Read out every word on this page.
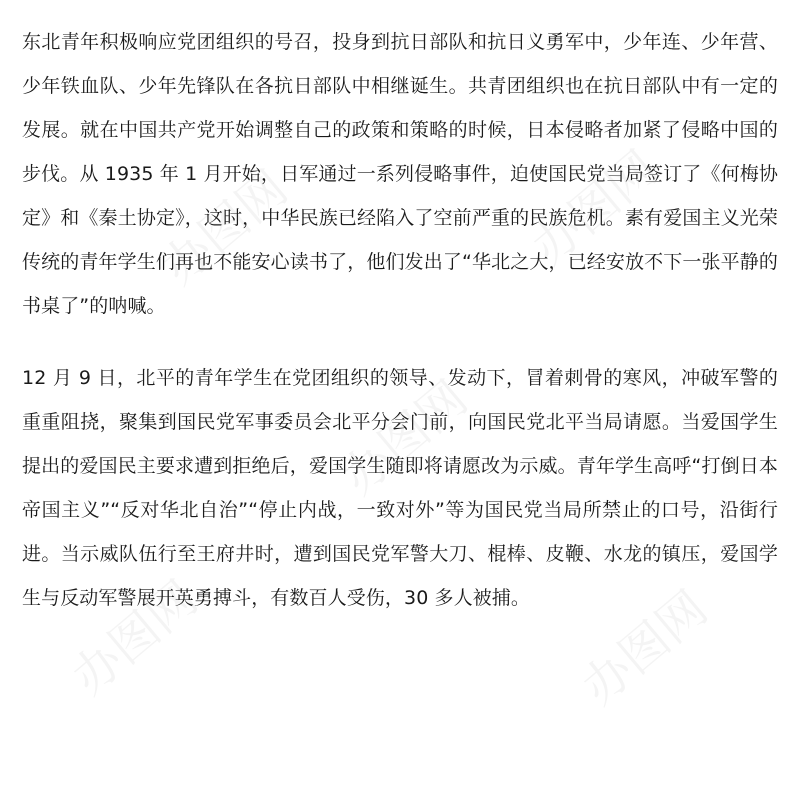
东北青年积极响应党团组织的号召，投身到抗日部队和抗日义勇军中，少年连、少年营、少年铁血队、少年先锋队在各抗日部队中相继诞生。共青团组织也在抗日部队中有一定的发展。就在中国共产党开始调整自己的政策和策略的时候，日本侵略者加紧了侵略中国的步伐。从 1935 年 1 月开始，日军通过一系列侵略事件，迫使国民党当局签订了《何梅协定》和《秦土协定》，这时，中华民族已经陷入了空前严重的民族危机。素有爱国主义光荣传统的青年学生们再也不能安心读书了，他们发出了“华北之大，已经安放不下一张平静的书桌了”的呐喊。

12 月 9 日，北平的青年学生在党团组织的领导、发动下，冒着刺骨的寒风，冲破军警的重重阻挠，聚集到国民党军事委员会北平分会门前，向国民党北平当局请愿。当爱国学生提出的爱国民主要求遭到拒绝后，爱国学生随即将请愿改为示威。青年学生高呼“打倒日本帝国主义”“反对华北自治”“停止内战，一致对外”等为国民党当局所禁止的口号，沿街行进。当示威队伍行至王府井时，遭到国民党军警大刀、棍棒、皮鞭、水龙的镇压，爱国学生与反动军警展开英勇搏斗，有数百人受伤，30 多人被捕。

办图网	办图网
办图网
办图网	办图网
